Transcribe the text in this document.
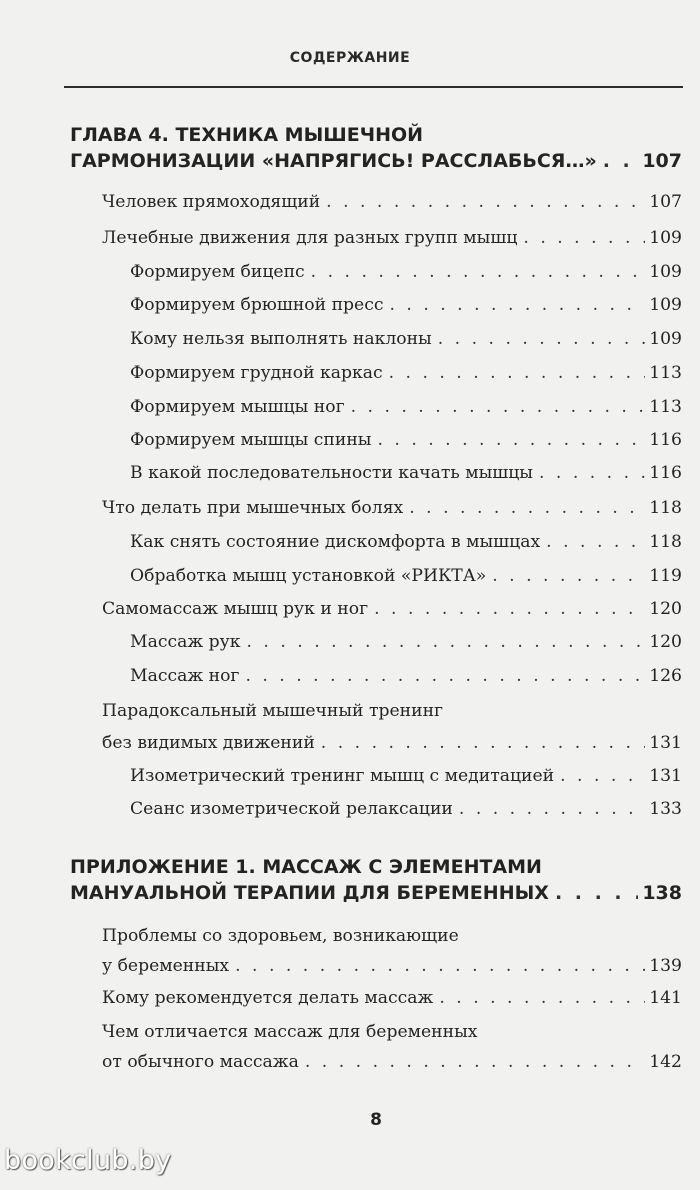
СОДЕРЖАНИЕ
ГЛАВА 4. ТЕХНИКА МЫШЕЧНОЙ
ГАРМОНИЗАЦИИ «НАПРЯГИСЬ! РАССЛАБЬСЯ…» . . . 107
Человек прямоходящий . . .	107
Лечебные движения для разных групп мышц . . .	109
Формируем бицепс . . .	109
Формируем брюшной пресс . . .	109
Кому нельзя выполнять наклоны . . .	109
Формируем грудной каркас . . .	113
Формируем мышцы ног . . .	113
Формируем мышцы спины . . .	116
В какой последовательности качать мышцы . . .	116
Что делать при мышечных болях . . .	118
Как снять состояние дискомфорта в мышцах . . .	118
Обработка мышц установкой «РИКТА» . . .	119
Самомассаж мышц рук и ног . . .	120
Массаж рук . . .	120
Массаж ног . . .	126
Парадоксальный мышечный тренинг
без видимых движений . . .	131
Изометрический тренинг мышц с медитацией . . .	131
Сеанс изометрической релаксации . . .	133
ПРИЛОЖЕНИЕ 1. МАССАЖ С ЭЛЕМЕНТАМИ
МАНУАЛЬНОЙ ТЕРАПИИ ДЛЯ БЕРЕМЕННЫХ . . .	138
Проблемы со здоровьем, возникающие
у беременных . . .	139
Кому рекомендуется делать массаж . . .	141
Чем отличается массаж для беременных
от обычного массажа . . .	142
8
bookclub.by
